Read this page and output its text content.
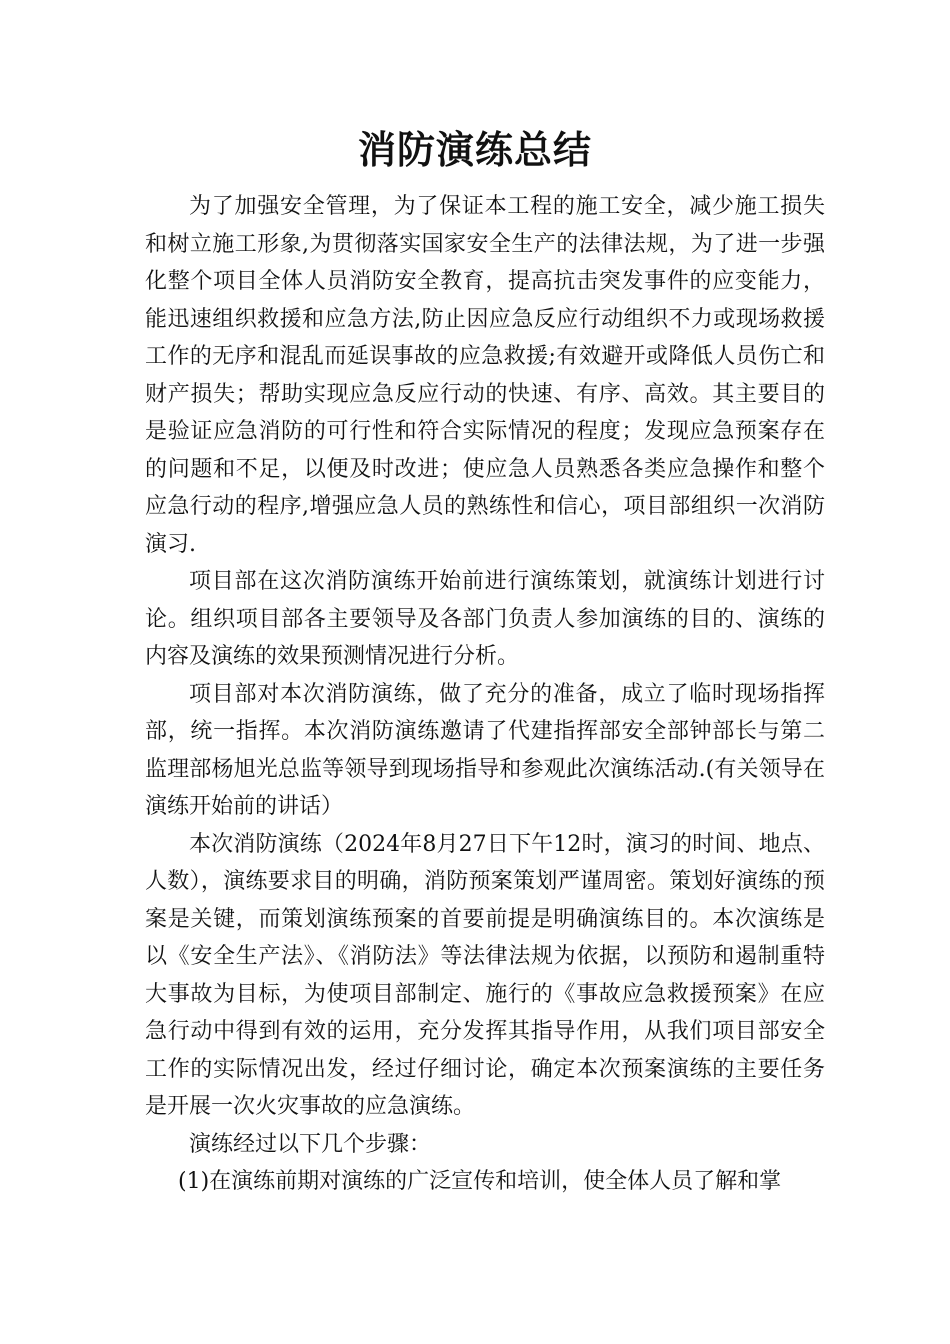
消防演练总结

为了加强安全管理，为了保证本工程的施工安全，减少施工损失和树立施工形象,为贯彻落实国家安全生产的法律法规，为了进一步强化整个项目全体人员消防安全教育，提高抗击突发事件的应变能力，能迅速组织救援和应急方法,防止因应急反应行动组织不力或现场救援工作的无序和混乱而延误事故的应急救援;有效避开或降低人员伤亡和财产损失；帮助实现应急反应行动的快速、有序、高效。其主要目的是验证应急消防的可行性和符合实际情况的程度；发现应急预案存在的问题和不足，以便及时改进；使应急人员熟悉各类应急操作和整个应急行动的程序,增强应急人员的熟练性和信心，项目部组织一次消防演习.

项目部在这次消防演练开始前进行演练策划，就演练计划进行讨论。组织项目部各主要领导及各部门负责人参加演练的目的、演练的内容及演练的效果预测情况进行分析。

项目部对本次消防演练，做了充分的准备，成立了临时现场指挥部，统一指挥。本次消防演练邀请了代建指挥部安全部钟部长与第二监理部杨旭光总监等领导到现场指导和参观此次演练活动.(有关领导在演练开始前的讲话）

本次消防演练（2024年8月27日下午12时，演习的时间、地点、人数），演练要求目的明确，消防预案策划严谨周密。策划好演练的预案是关键，而策划演练预案的首要前提是明确演练目的。本次演练是以《安全生产法》、《消防法》等法律法规为依据，以预防和遏制重特大事故为目标，为使项目部制定、施行的《事故应急救援预案》在应急行动中得到有效的运用，充分发挥其指导作用，从我们项目部安全工作的实际情况出发，经过仔细讨论，确定本次预案演练的主要任务是开展一次火灾事故的应急演练。

演练经过以下几个步骤：

(1)在演练前期对演练的广泛宣传和培训，使全体人员了解和掌
